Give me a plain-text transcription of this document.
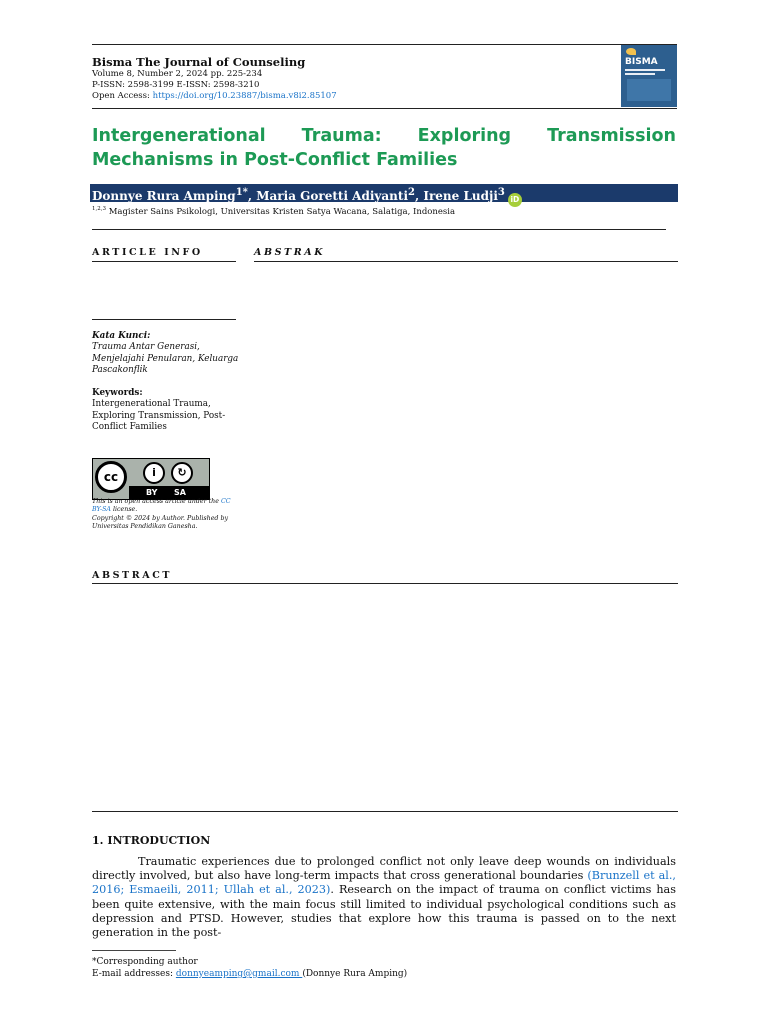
Bisma The Journal of Counseling
Volume 8, Number 2, 2024 pp. 225-234
P-ISSN: 2598-3199 E-ISSN: 2598-3210
Open Access: https://doi.org/10.23887/bisma.v8i2.85107
BISMA
Intergenerational Trauma: Exploring Transmission
Mechanisms in Post-Conflict Families
Donnye Rura Amping$^{1*}$, Maria Goretti Adiyanti$^2$, Irene Ludji$^3$iD
$^{1,2,3}$ Magister Sains Psikologi, Universitas Kristen Satya Wacana, Salatiga, Indonesia
ARTICLE INFO	ABSTRAK
Kata Kunci:
Trauma Antar Generasi,
Menjelajahi Penularan, Keluarga
Pascakonflik
Keywords:
Intergenerational Trauma,
Exploring Transmission, Post-
Conflict Families
cc	i	↻
BY SA
This is an open access article under the CC
BY-SA license.
Copyright © 2024 by Author. Published by
Universitas Pendidikan Ganesha.
ABSTRACT
1. INTRODUCTION

Traumatic experiences due to prolonged conflict not only leave deep wounds on individuals directly involved, but also have long-term impacts that cross generational boundaries (Brunzell et al., 2016; Esmaeili, 2011; Ullah et al., 2023). Research on the impact of trauma on conflict victims has been quite extensive, with the main focus still limited to individual psychological conditions such as depression and PTSD. However, studies that explore how this trauma is passed on to the next generation in the post-

*Corresponding author
E-mail addresses: donnyeamping@gmail.com (Donnye Rura Amping)
